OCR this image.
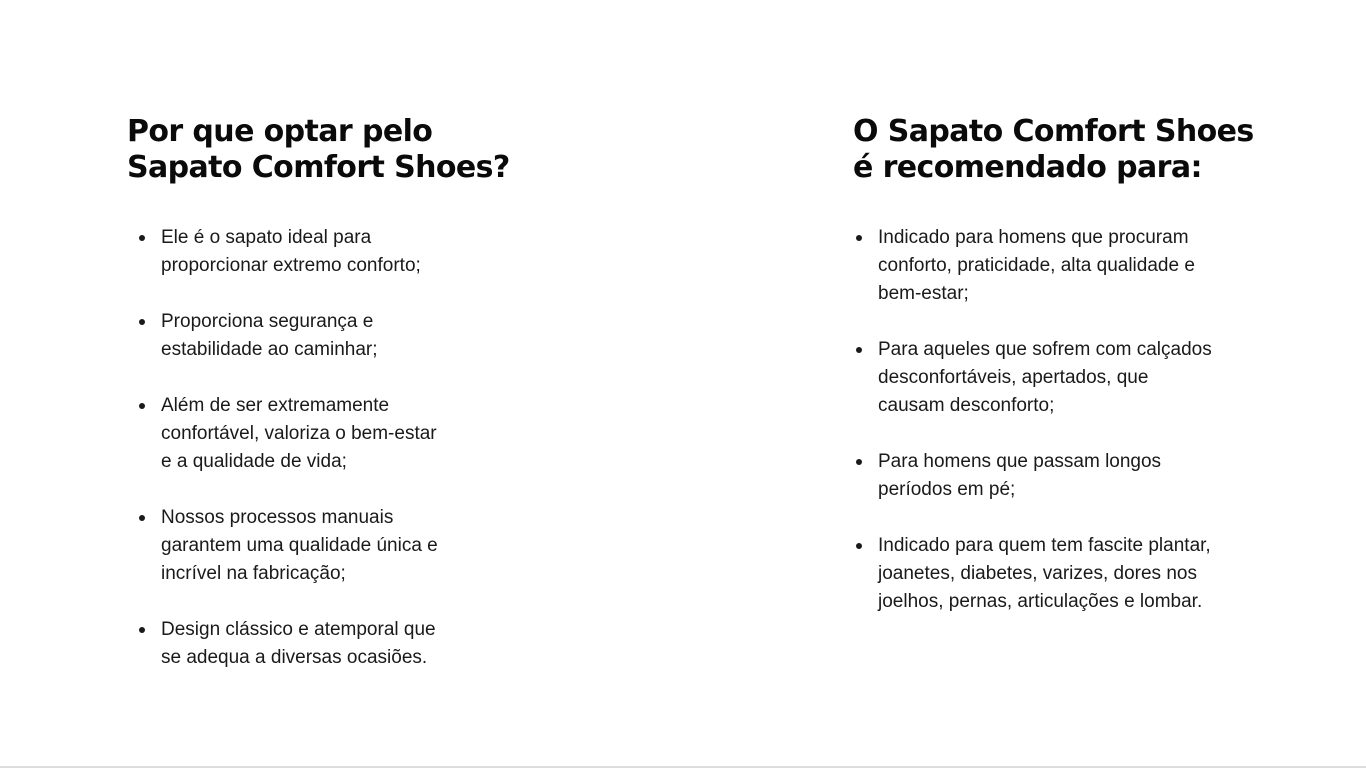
Por que optar pelo
Sapato Comfort Shoes?
Ele é o sapato ideal para
proporcionar extremo conforto;
Proporciona segurança e
estabilidade ao caminhar;
Além de ser extremamente
confortável, valoriza o bem-estar
e a qualidade de vida;
Nossos processos manuais
garantem uma qualidade única e
incrível na fabricação;
Design clássico e atemporal que
se adequa a diversas ocasiões.
O Sapato Comfort Shoes
é recomendado para:
Indicado para homens que procuram
conforto, praticidade, alta qualidade e
bem-estar;
Para aqueles que sofrem com calçados
desconfortáveis, apertados, que
causam desconforto;
Para homens que passam longos
períodos em pé;
Indicado para quem tem fascite plantar,
joanetes, diabetes, varizes, dores nos
joelhos, pernas, articulações e lombar.
